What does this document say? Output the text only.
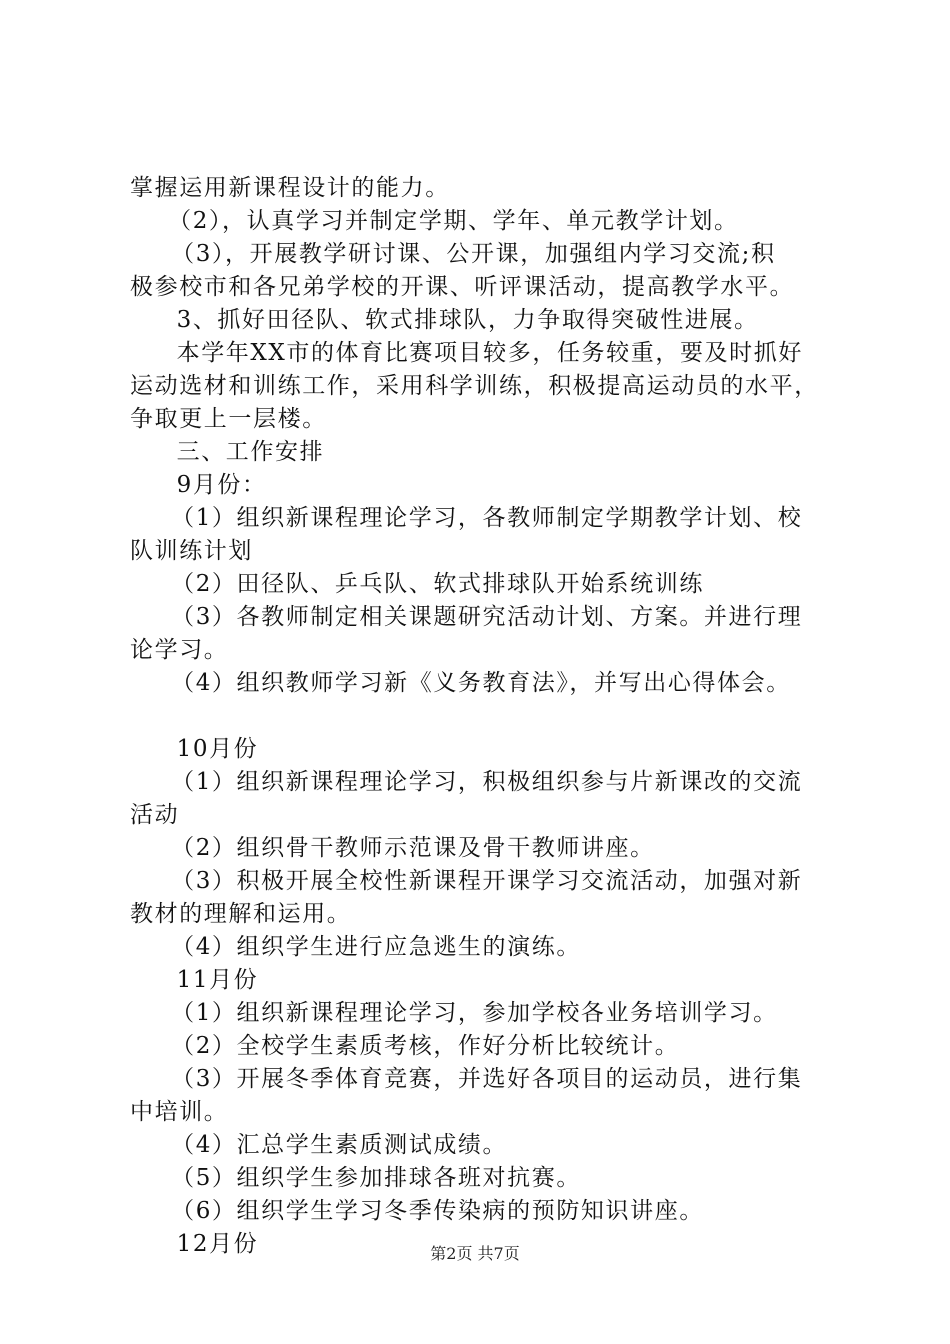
掌握运用新课程设计的能力。
　（2），认真学习并制定学期、学年、单元教学计划。
　（3），开展教学研讨课、公开课，加强组内学习交流;积
极参校市和各兄弟学校的开课、听评课活动，提高教学水平。
　3、抓好田径队、软式排球队，力争取得突破性进展。
　本学年XX市的体育比赛项目较多，任务较重，要及时抓好
运动选材和训练工作，采用科学训练，积极提高运动员的水平，
争取更上一层楼。
　三、工作安排
　9月份：
　（1）组织新课程理论学习，各教师制定学期教学计划、校
队训练计划
　（2）田径队、乒乓队、软式排球队开始系统训练
　（3）各教师制定相关课题研究活动计划、方案。并进行理
论学习。
　（4）组织教师学习新《义务教育法》，并写出心得体会。
　10月份
　（1）组织新课程理论学习，积极组织参与片新课改的交流
活动
　（2）组织骨干教师示范课及骨干教师讲座。
　（3）积极开展全校性新课程开课学习交流活动，加强对新
教材的理解和运用。
　（4）组织学生进行应急逃生的演练。
　11月份
　（1）组织新课程理论学习，参加学校各业务培训学习。
　（2）全校学生素质考核，作好分析比较统计。
　（3）开展冬季体育竞赛，并选好各项目的运动员，进行集
中培训。
　（4）汇总学生素质测试成绩。
　（5）组织学生参加排球各班对抗赛。
　（6）组织学生学习冬季传染病的预防知识讲座。
　12月份	第2页 共7页
